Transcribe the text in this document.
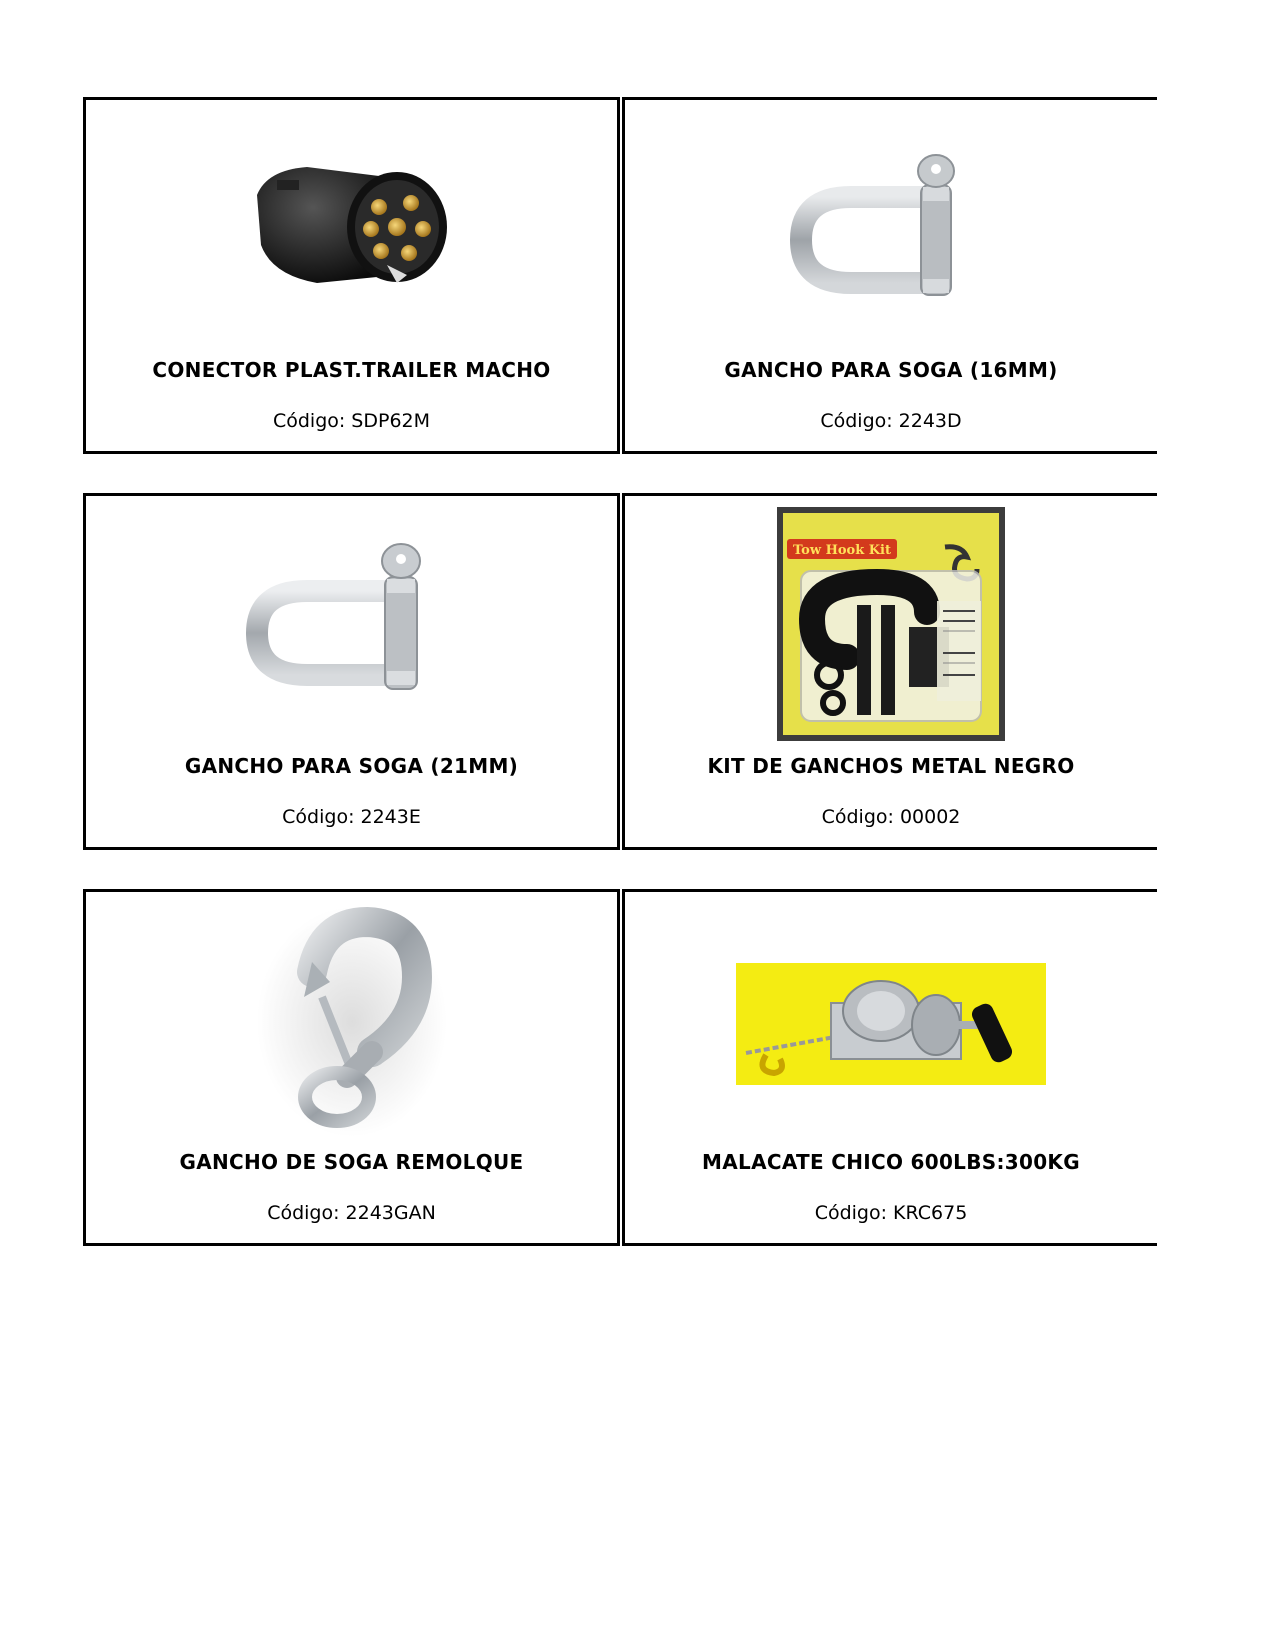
CONECTOR PLAST.TRAILER MACHO
Código: SDP62M
GANCHO PARA SOGA (16MM)
Código: 2243D
GANCHO PARA SOGA (21MM)
Código: 2243E
Tow Hook Kit
KIT DE GANCHOS METAL NEGRO
Código: 00002
GANCHO DE SOGA REMOLQUE
Código: 2243GAN
MALACATE CHICO 600LBS:300KG
Código: KRC675
